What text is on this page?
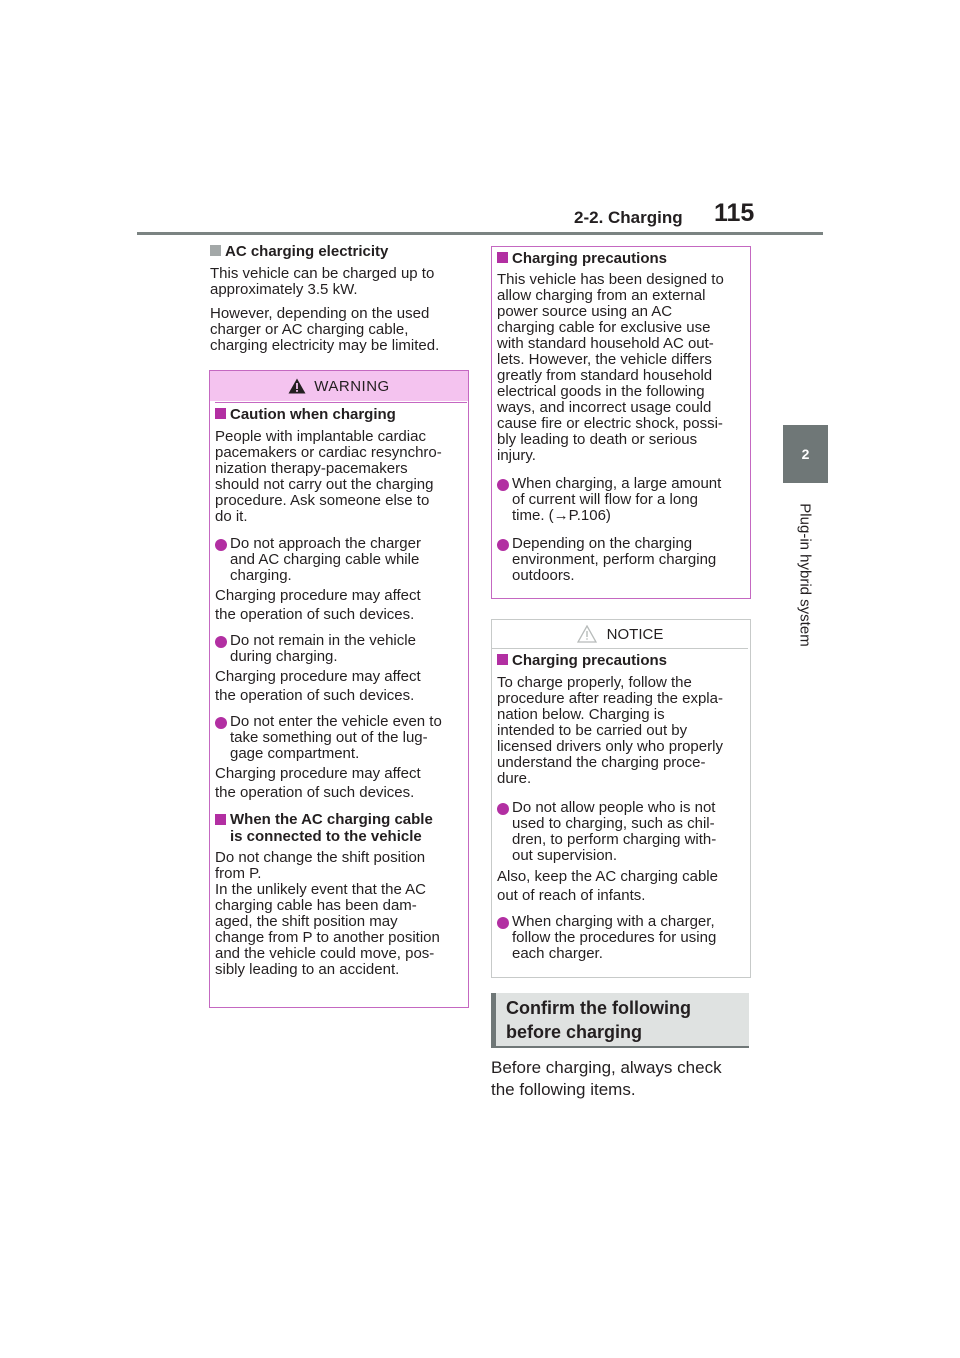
2-2. Charging 115
2
Plug-in hybrid system
AC charging electricity
This vehicle can be charged up to
approximately 3.5 kW.
However, depending on the used
charger or AC charging cable,
charging electricity may be limited.
WARNING
Caution when charging
People with implantable cardiac
pacemakers or cardiac resynchro-
nization therapy-pacemakers
should not carry out the charging
procedure. Ask someone else to
do it.
Do not approach the charger
and AC charging cable while
charging.
Charging procedure may affect
the operation of such devices.
Do not remain in the vehicle
during charging.
Charging procedure may affect
the operation of such devices.
Do not enter the vehicle even to
take something out of the lug-
gage compartment.
Charging procedure may affect
the operation of such devices.
When the AC charging cable
is connected to the vehicle
Do not change the shift position
from P.
In the unlikely event that the AC
charging cable has been dam-
aged, the shift position may
change from P to another position
and the vehicle could move, pos-
sibly leading to an accident.
Charging precautions
This vehicle has been designed to
allow charging from an external
power source using an AC
charging cable for exclusive use
with standard household AC out-
lets. However, the vehicle differs
greatly from standard household
electrical goods in the following
ways, and incorrect usage could
cause fire or electric shock, possi-
bly leading to death or serious
injury.
When charging, a large amount
of current will flow for a long
time. (→P.106)
Depending on the charging
environment, perform charging
outdoors.
NOTICE
Charging precautions
To charge properly, follow the
procedure after reading the expla-
nation below. Charging is
intended to be carried out by
licensed drivers only who properly
understand the charging proce-
dure.
Do not allow people who is not
used to charging, such as chil-
dren, to perform charging with-
out supervision.
Also, keep the AC charging cable
out of reach of infants.
When charging with a charger,
follow the procedures for using
each charger.
Confirm the following
before charging
Before charging, always check
the following items.
